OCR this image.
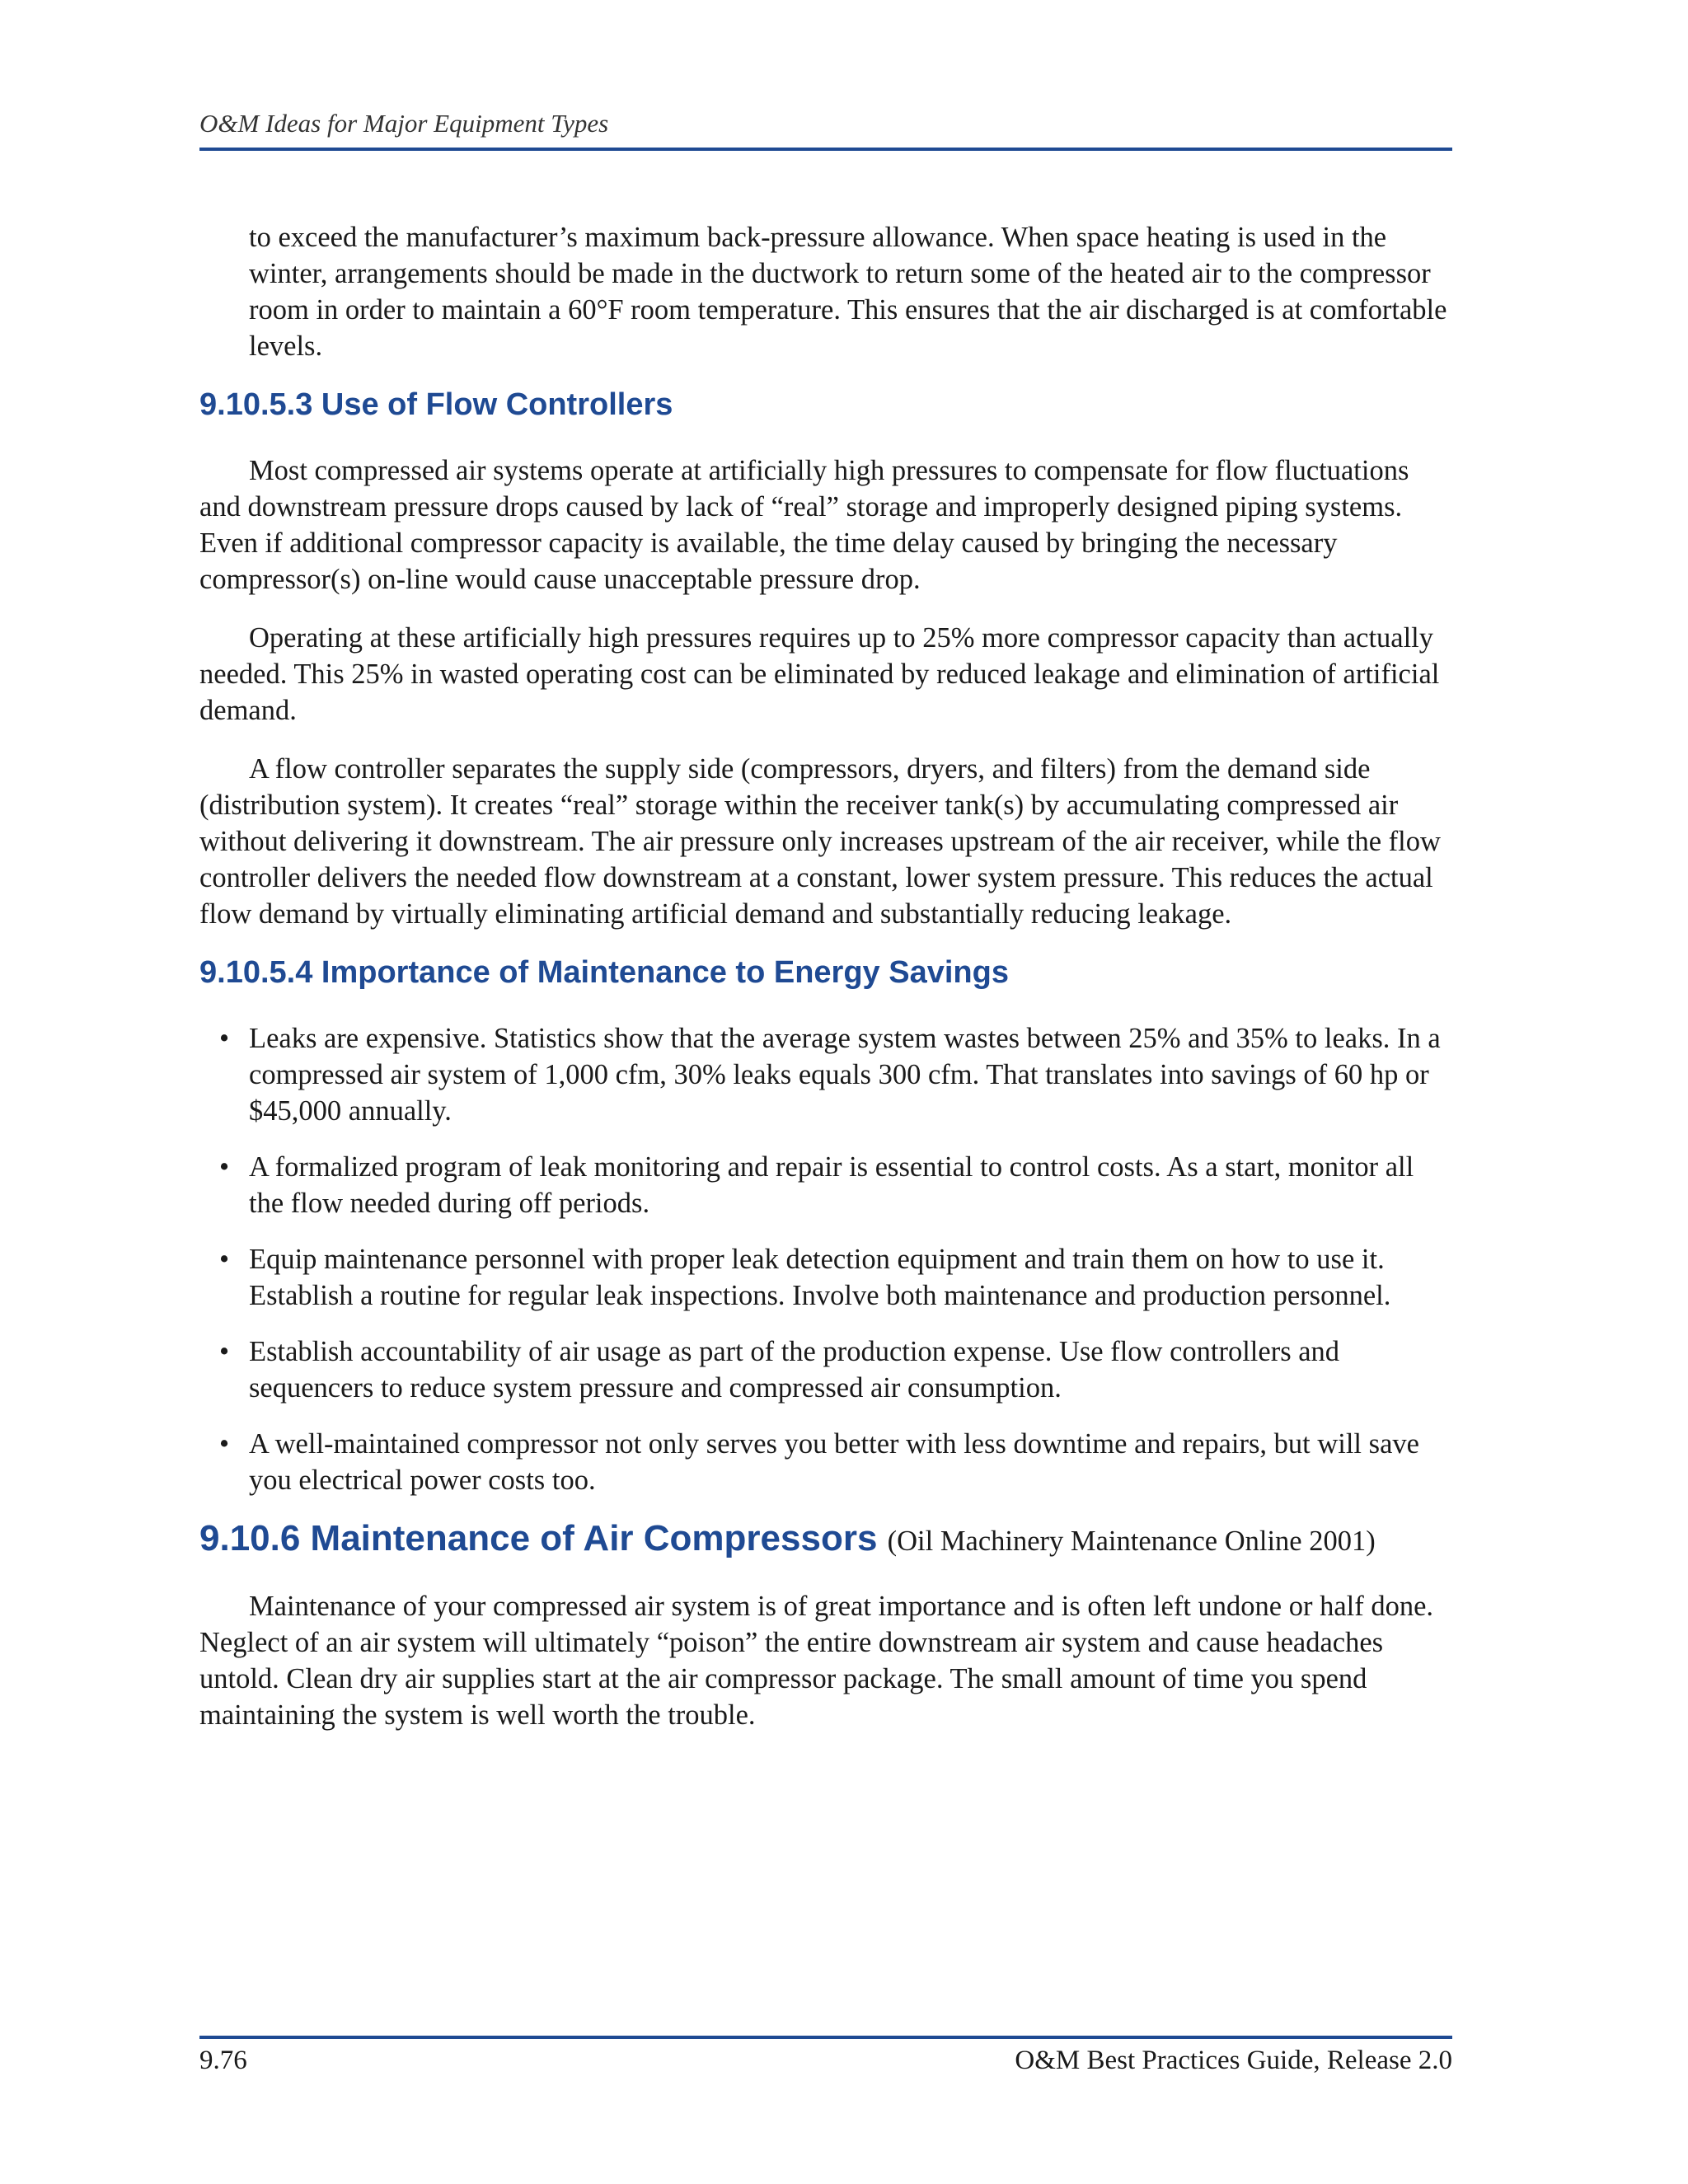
O&M Ideas for Major Equipment Types

to exceed the manufacturer’s maximum back-pressure allowance. When space heating is used in the winter, arrangements should be made in the ductwork to return some of the heated air to the compressor room in order to maintain a 60°F room temperature. This ensures that the air discharged is at comfortable levels.

9.10.5.3 Use of Flow Controllers

Most compressed air systems operate at artificially high pressures to compensate for flow fluctuations and downstream pressure drops caused by lack of “real” storage and improperly designed piping systems. Even if additional compressor capacity is available, the time delay caused by bringing the necessary compressor(s) on-line would cause unacceptable pressure drop.

Operating at these artificially high pressures requires up to 25% more compressor capacity than actually needed. This 25% in wasted operating cost can be eliminated by reduced leakage and elimination of artificial demand.

A flow controller separates the supply side (compressors, dryers, and filters) from the demand side (distribution system). It creates “real” storage within the receiver tank(s) by accumulating compressed air without delivering it downstream. The air pressure only increases upstream of the air receiver, while the flow controller delivers the needed flow downstream at a constant, lower system pressure. This reduces the actual flow demand by virtually eliminating artificial demand and substantially reducing leakage.

9.10.5.4 Importance of Maintenance to Energy Savings
• Leaks are expensive. Statistics show that the average system wastes between 25% and 35% to leaks. In a compressed air system of 1,000 cfm, 30% leaks equals 300 cfm. That translates into savings of 60 hp or $45,000 annually.
• A formalized program of leak monitoring and repair is essential to control costs. As a start, monitor all the flow needed during off periods.
• Equip maintenance personnel with proper leak detection equipment and train them on how to use it. Establish a routine for regular leak inspections. Involve both maintenance and production personnel.
• Establish accountability of air usage as part of the production expense. Use flow controllers and sequencers to reduce system pressure and compressed air consumption.
• A well-maintained compressor not only serves you better with less downtime and repairs, but will save you electrical power costs too.
9.10.6 Maintenance of Air Compressors (Oil Machinery Maintenance Online 2001)

Maintenance of your compressed air system is of great importance and is often left undone or half done. Neglect of an air system will ultimately “poison” the entire downstream air system and cause headaches untold. Clean dry air supplies start at the air compressor package. The small amount of time you spend maintaining the system is well worth the trouble.

9.76	O&M Best Practices Guide, Release 2.0
